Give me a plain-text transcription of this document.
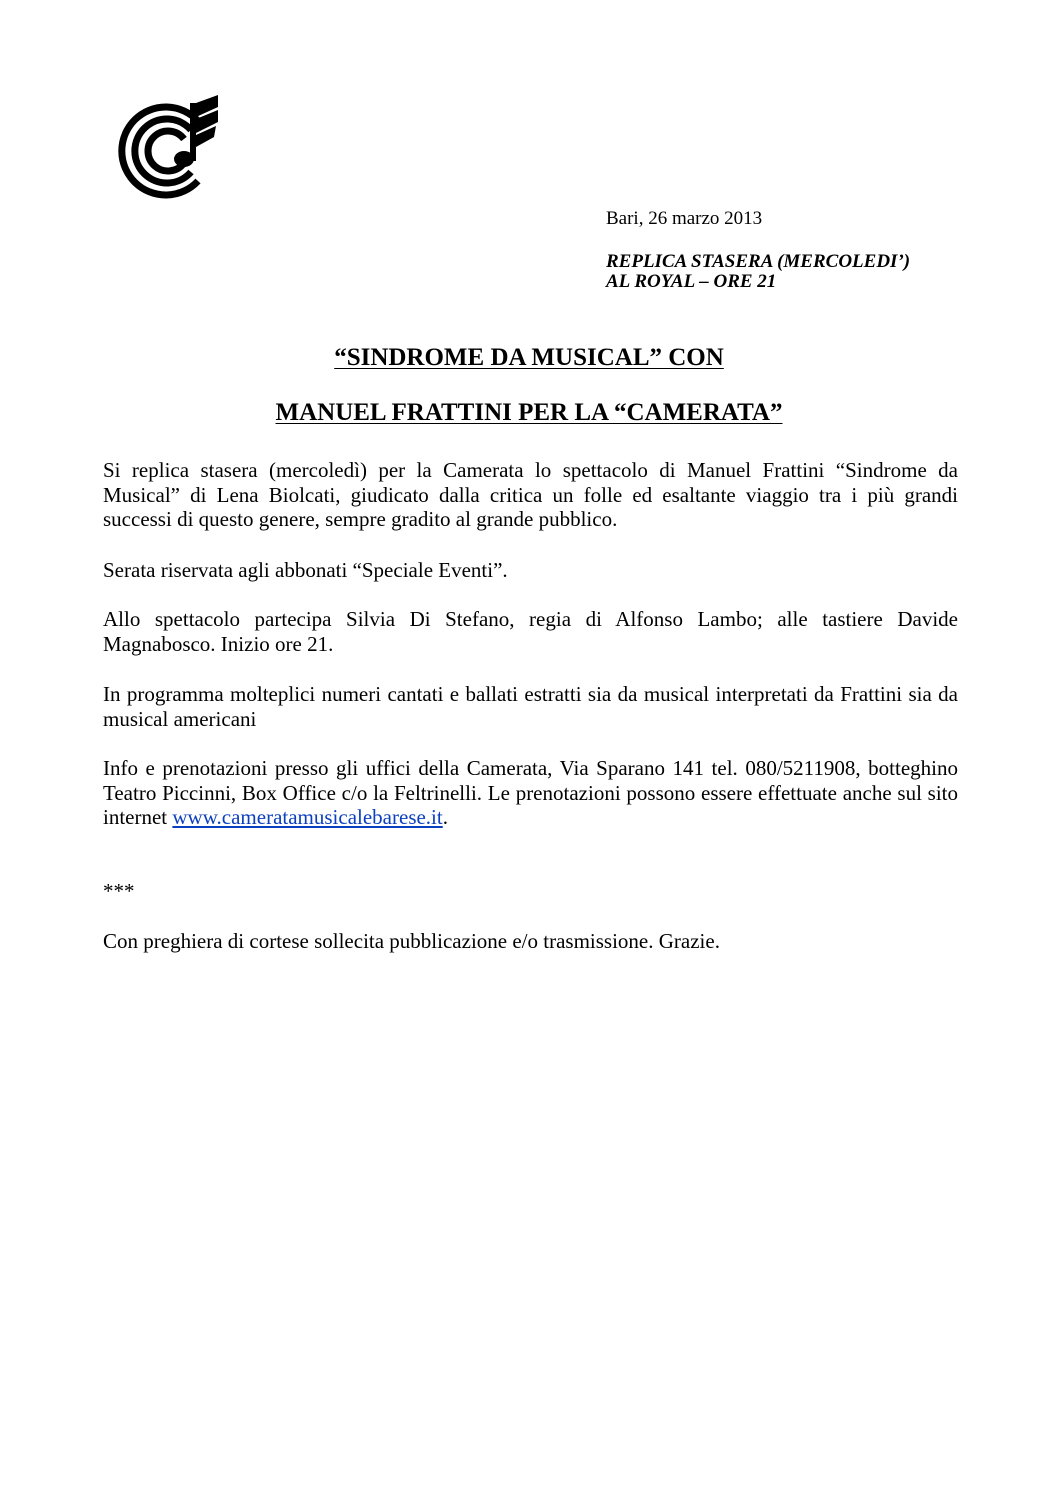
Bari, 26 marzo 2013
REPLICA STASERA (MERCOLEDI’)
AL ROYAL – ORE 21
“SINDROME DA MUSICAL” CON
MANUEL FRATTINI PER LA “CAMERATA”
Si replica stasera (mercoledì) per la Camerata lo spettacolo di Manuel Frattini “Sindrome da Musical” di Lena Biolcati, giudicato dalla critica un folle ed esaltante viaggio tra i più grandi successi di questo genere, sempre gradito al grande pubblico.
Serata riservata agli abbonati “Speciale Eventi”.
Allo spettacolo partecipa Silvia Di Stefano, regia di Alfonso Lambo; alle tastiere Davide Magnabosco. Inizio ore 21.
In programma molteplici numeri cantati e ballati estratti sia da musical interpretati da Frattini sia da musical americani
Info e prenotazioni presso gli uffici della Camerata, Via Sparano 141 tel. 080/5211908, botteghino Teatro Piccinni, Box Office c/o la Feltrinelli. Le prenotazioni possono essere effettuate anche sul sito internet www.cameratamusicalebarese.it.
***
Con preghiera di cortese sollecita pubblicazione e/o trasmissione. Grazie.
